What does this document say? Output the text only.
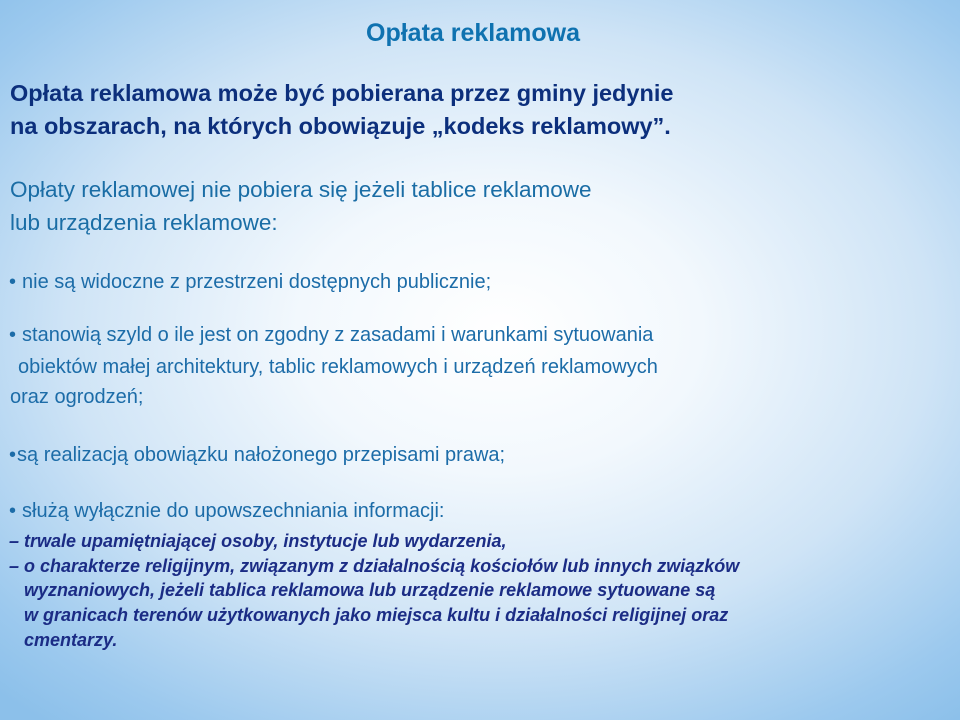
Opłata reklamowa

Opłata reklamowa może być pobierana przez gminy jedynie

na obszarach, na których obowiązuje „kodeks reklamowy”.

Opłaty reklamowej nie pobiera się jeżeli tablice reklamowe

lub urządzenia reklamowe:

• nie są widoczne z przestrzeni dostępnych publicznie;

• stanowią szyld o ile jest on zgodny z zasadami i warunkami sytuowania

obiektów małej architektury, tablic reklamowych i urządzeń reklamowych

oraz ogrodzeń;

•są realizacją obowiązku nałożonego przepisami prawa;

• służą wyłącznie do upowszechniania informacji:

– trwale upamiętniającej osoby, instytucje lub wydarzenia,

– o charakterze religijnym, związanym z działalnością kościołów lub innych związków

wyznaniowych, jeżeli tablica reklamowa lub urządzenie reklamowe sytuowane są

w granicach terenów użytkowanych jako miejsca kultu i działalności religijnej oraz

cmentarzy.
